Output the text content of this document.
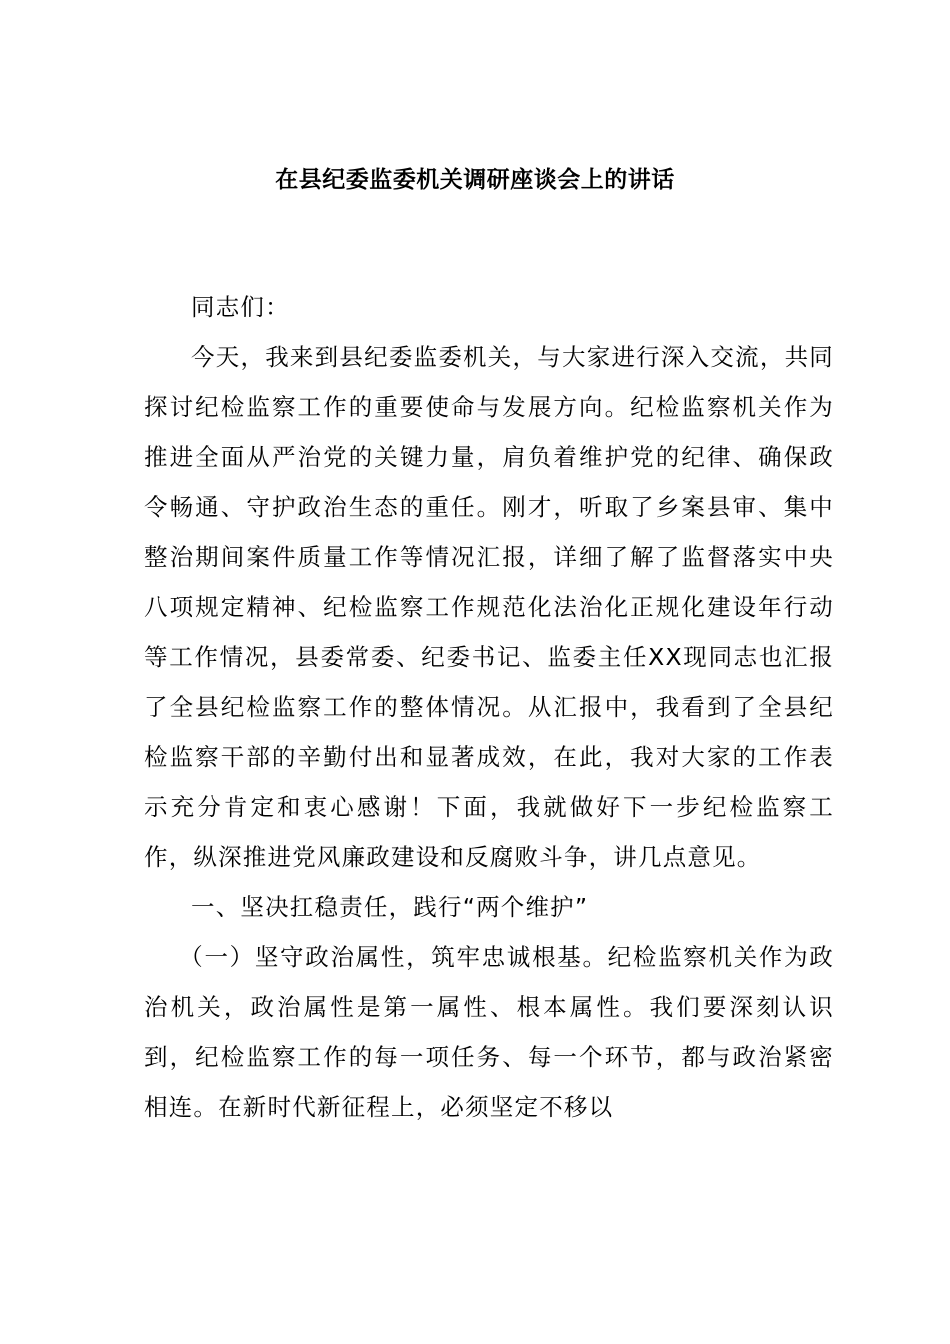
在县纪委监委机关调研座谈会上的讲话

同志们：

今天，我来到县纪委监委机关，与大家进行深入交流，共同探讨纪检监察工作的重要使命与发展方向。纪检监察机关作为推进全面从严治党的关键力量，肩负着维护党的纪律、确保政令畅通、守护政治生态的重任。刚才，听取了乡案县审、集中整治期间案件质量工作等情况汇报，详细了解了监督落实中央八项规定精神、纪检监察工作规范化法治化正规化建设年行动等工作情况，县委常委、纪委书记、监委主任XX现同志也汇报了全县纪检监察工作的整体情况。从汇报中，我看到了全县纪检监察干部的辛勤付出和显著成效，在此，我对大家的工作表示充分肯定和衷心感谢！下面，我就做好下一步纪检监察工作，纵深推进党风廉政建设和反腐败斗争，讲几点意见。

一、坚决扛稳责任，践行“两个维护”

（一）坚守政治属性，筑牢忠诚根基。纪检监察机关作为政治机关，政治属性是第一属性、根本属性。我们要深刻认识到，纪检监察工作的每一项任务、每一个环节，都与政治紧密相连。在新时代新征程上，必须坚定不移以
